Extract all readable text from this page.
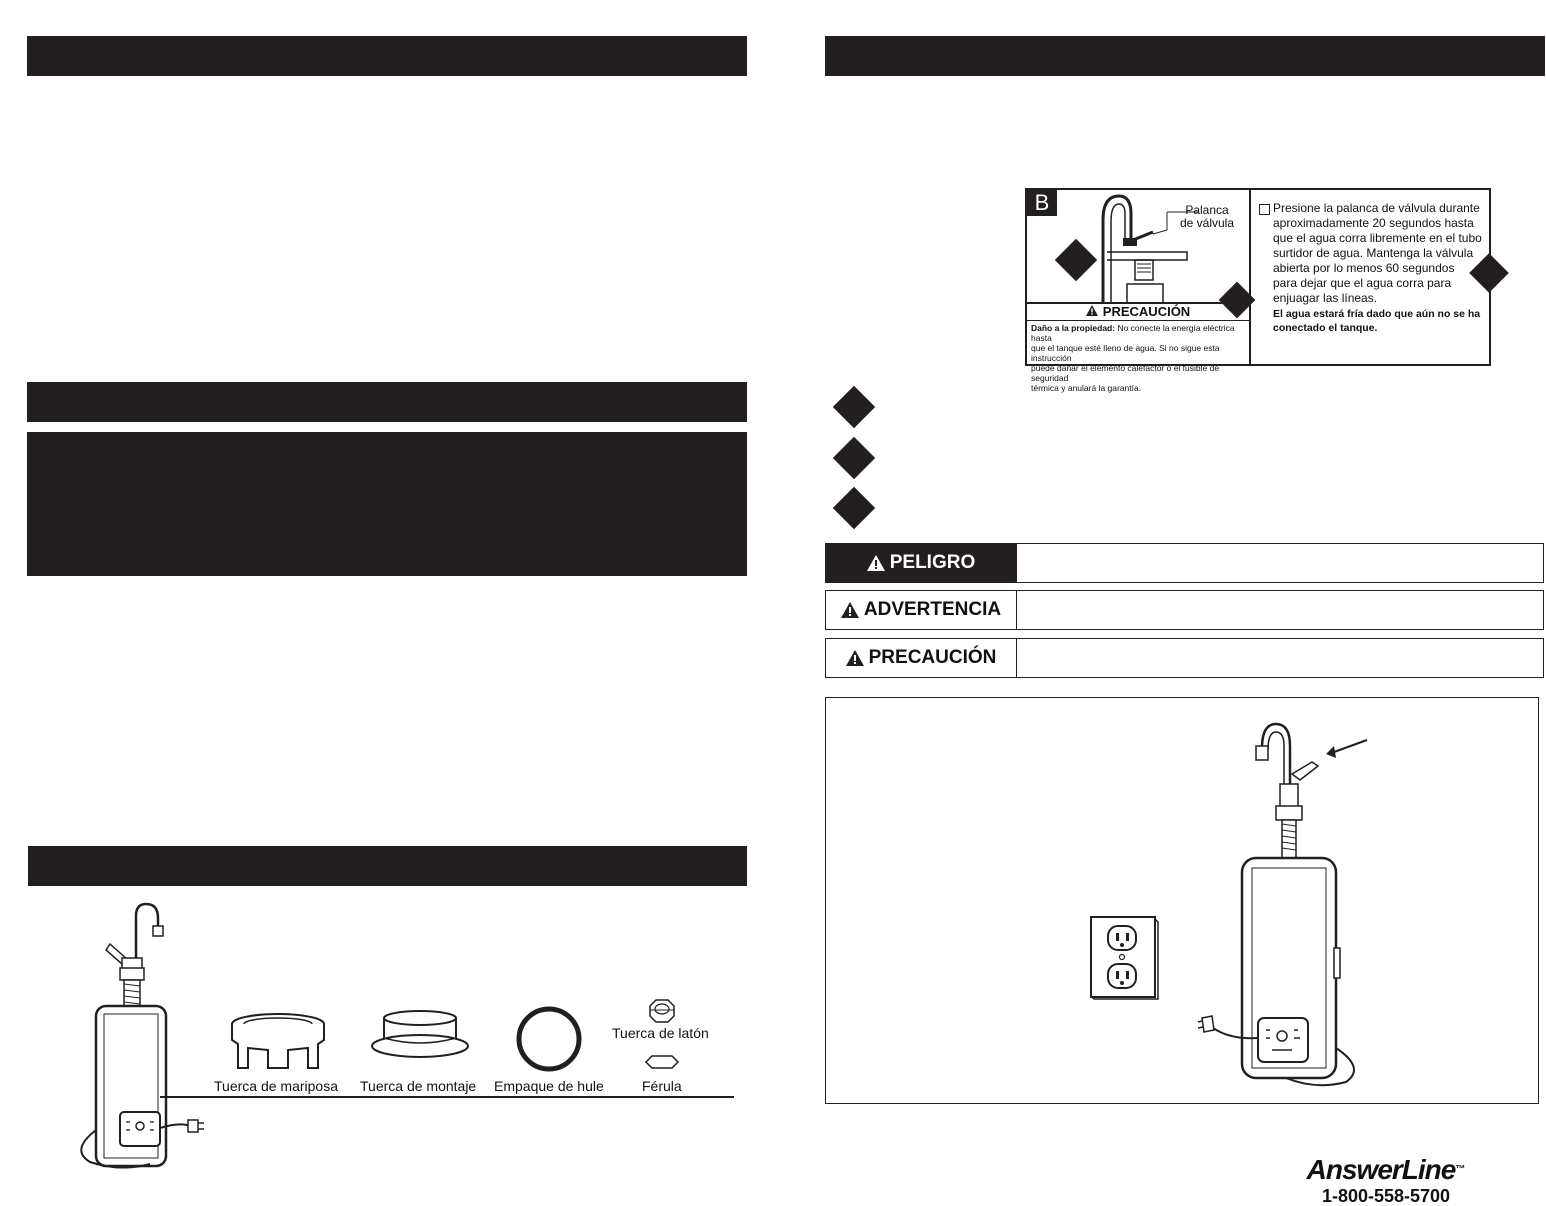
B	Palanca
de válvula
PRECAUCIÓN
Daño a la propiedad: No conecte la energía eléctrica hasta
que el tanque esté lleno de agua. Si no sigue esta instrucción
puede dañar el elemento calefactor o el fusible de seguridad
térmica y anulará la garantía.
Presione la palanca de válvula durante
aproximadamente 20 segundos hasta
que el agua corra libremente en el tubo
surtidor de agua. Mantenga la válvula
abierta por lo menos 60 segundos
para dejar que el agua corra para
enjuagar las líneas.
El agua estará fría dado que aún no se ha
conectado el tanque.
PELIGRO
ADVERTENCIA
PRECAUCIÓN
Tuerca de mariposa Tuerca de montaje Empaque de hule
Tuerca de latón
Férula
AnswerLine™
1-800-558-5700
